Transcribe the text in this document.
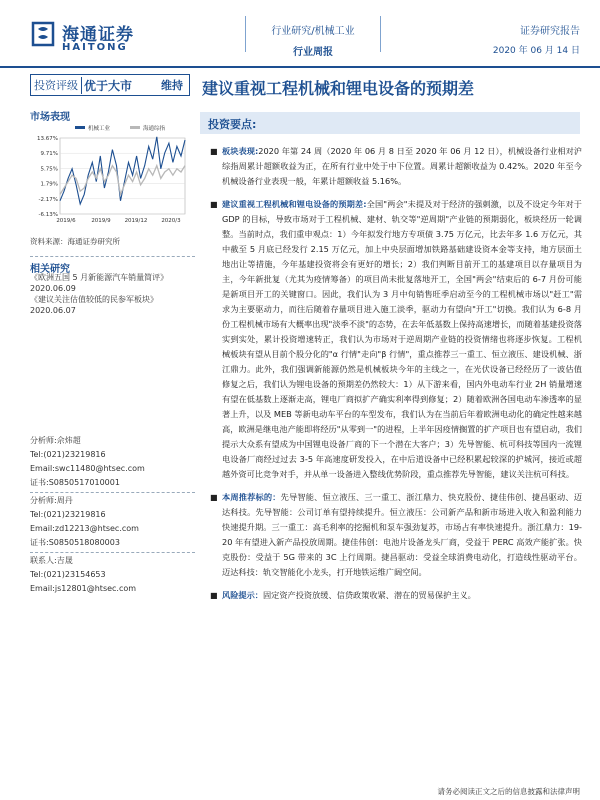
海通证券
HAITONG
行业研究/机械工业
行业周报
证券研究报告
2020 年 06 月 14 日
投资评级 优于大市	维持	建议重视工程机械和锂电设备的预期差
市场表现
13.67%
9.71%
5.75%
1.79%
-2.17%
-6.13%
2019/6	2019/9	2019/12	2020/3
机械工业	海通综指
资料来源：海通证券研究所
相关研究
《欧洲五国 5 月新能源汽车销量简评》
2020.06.09
《建议关注估值较低的民参军板块》
2020.06.07
分析师:佘炜超
Tel:(021)23219816
Email:swc11480@htsec.com
证书:S0850517010001
分析师:周丹
Tel:(021)23219816
Email:zd12213@htsec.com
证书:S0850518080003
联系人:吉晟
Tel:(021)23154653
Email:js12801@htsec.com
投资要点:
■ 板块表现:2020 年第 24 周（2020 年 06 月 8 日至 2020 年 06 月 12 日），机械设备行业相对沪综指周累计超额收益为正，在所有行业中处于中下位置。周累计超额收益为 0.42%。2020 年至今机械设备行业表现一般，年累计超额收益 5.16%。
■ 建议重视工程机械和锂电设备的预期差:全国"两会"未提及对于经济的强刺激，以及不设定今年对于 GDP 的目标，导致市场对于工程机械、建材、轨交等"逆周期"产业链的预期弱化，板块经历一轮调整。当前时点，我们重申观点：1）今年拟发行地方专项债 3.75 万亿元，比去年多 1.6 万亿元，其中截至 5 月底已经发行 2.15 万亿元，加上中央层面增加铁路基础建设资本金等支持，地方层面土地出让等措施，今年基建投资将会有更好的增长；2）我们判断目前开工的基建项目以存量项目为主，今年新批复（尤其为疫情筹备）的项目尚未批复落地开工，全国"两会"结束后的 6-7 月份可能是新项目开工的关键窗口。因此，我们认为 3 月中旬销售旺季启动至今的工程机械市场以"赶工"需求为主要驱动力，而往后随着存量项目进入施工淡季，驱动力有望向"开工"切换。我们认为 6-8 月份工程机械市场有大概率出现"淡季不淡"的态势，在去年低基数上保持高速增长，而随着基建投资落实到实处，累计投资增速转正，我们认为市场对于逆周期产业链的投资情绪也将逐步恢复。工程机械板块有望从目前个股分化的"α 行情"走向"β 行情"，重点推荐三一重工、恒立液压、建设机械、浙江鼎力。此外，我们强调新能源仍然是机械板块今年的主线之一，在光伏设备已经经历了一波估值修复之后，我们认为锂电设备的预期差仍然较大：1）从下游来看，国内外电动车行业 2H 销量增速有望在低基数上逐渐走高，锂电厂商拟扩产确实利率得到修复；2）随着欧洲各国电动车渗透率的显著上升，以及 MEB 等新电动车平台的车型发布，我们认为在当前后年着欧洲电动化的确定性越来越高，欧洲是继电池产能即将经历"从零到一"的进程，上半年因疫情搁置的扩产项目也有望启动，我们提示大众系有望成为中国锂电设备厂商的下一个潜在大客户；3）先导智能、杭可科技等国内一流锂电设备厂商经过过去 3-5 年高速度研发投入，在中后道设备中已经积累起较深的护城河，接近或超越外资可比竞争对手，并从单一设备进入整线优势阶段，重点推荐先导智能，建议关注杭可科技。
■ 本周推荐标的：先导智能、恒立液压、三一重工、浙江鼎力、快克股份、捷佳伟创、捷昌驱动、迈达科技。先导智能：公司订单有望持续提升。恒立液压：公司新产品和新市场进入收入和盈利能力快速提升期。三一重工：高毛利率的挖掘机和泵车强劲复苏，市场占有率快速提升。浙江鼎力：19-20 年有望进入新产品投放周期。捷佳伟创：电池片设备龙头厂商，受益于 PERC 高效产能扩张。快克股份：受益于 5G 带来的 3C 上行周期。捷昌驱动：受益全球消费电动化，打造线性驱动平台。迈达科技：轨交智能化小龙头，打开地铁运维广阔空间。
■ 风险提示：固定资产投资放缓、信贷政策收紧、潜在的贸易保护主义。
请务必阅读正文之后的信息披露和法律声明
